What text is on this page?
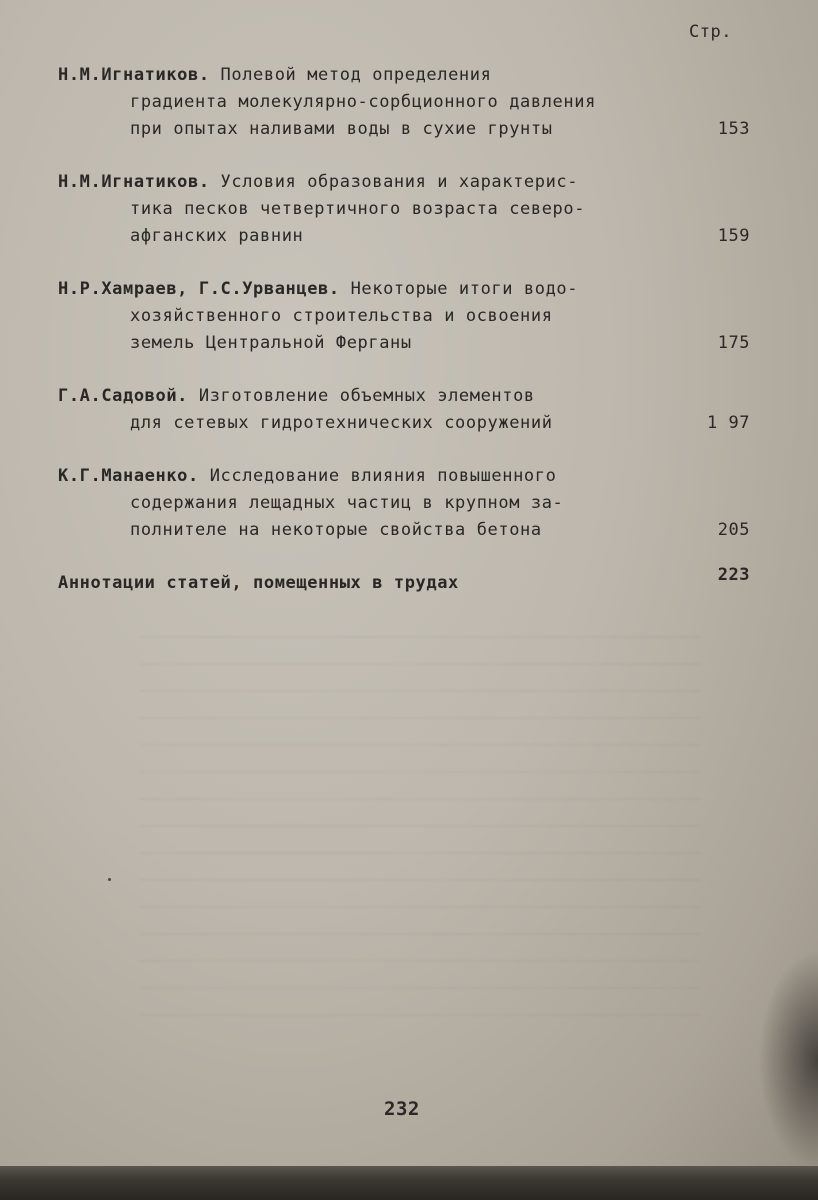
Стр.
Н.М.Игнатиков. Полевой метод определения
градиента молекулярно-сорбционного давления
при опытах наливами воды в сухие грунты	153
Н.М.Игнатиков. Условия образования и характерис-
тика песков четвертичного возраста северо-
афганских равнин	159
Н.Р.Хамраев, Г.С.Урванцев. Некоторые итоги водо-
хозяйственного строительства и освоения
земель Центральной Ферганы	175
Г.А.Садовой. Изготовление объемных элементов
для сетевых гидротехнических сооружений	1 97
К.Г.Манаенко. Исследование влияния повышенного
содержания лещадных частиц в крупном за-
полнителе на некоторые свойства бетона	205
Аннотации статей, помещенных в трудах	223
232
